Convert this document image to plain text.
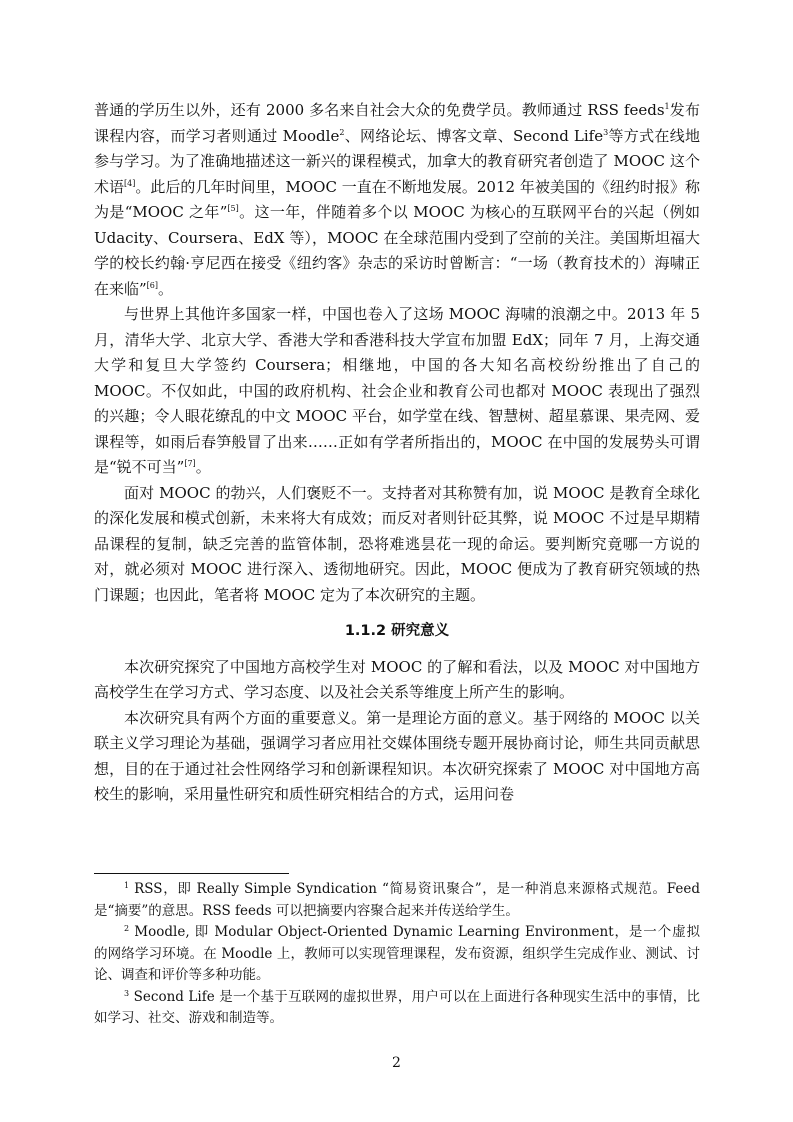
普通的学历生以外，还有 2000 多名来自社会大众的免费学员。教师通过 RSS feeds$^1$发布课程内容，而学习者则通过 Moodle$^2$、网络论坛、博客文章、Second Life$^3$等方式在线地参与学习。为了准确地描述这一新兴的课程模式，加拿大的教育研究者创造了 MOOC 这个术语[4]。此后的几年时间里，MOOC 一直在不断地发展。2012 年被美国的《纽约时报》称为是“MOOC 之年”[5]。这一年，伴随着多个以 MOOC 为核心的互联网平台的兴起（例如 Udacity、Coursera、EdX 等），MOOC 在全球范围内受到了空前的关注。美国斯坦福大学的校长约翰·亨尼西在接受《纽约客》杂志的采访时曾断言：“一场（教育技术的）海啸正在来临”[6]。

与世界上其他许多国家一样，中国也卷入了这场 MOOC 海啸的浪潮之中。2013 年 5 月，清华大学、北京大学、香港大学和香港科技大学宣布加盟 EdX；同年 7 月，上海交通大学和复旦大学签约 Coursera；相继地，中国的各大知名高校纷纷推出了自己的 MOOC。不仅如此，中国的政府机构、社会企业和教育公司也都对 MOOC 表现出了强烈的兴趣；令人眼花缭乱的中文 MOOC 平台，如学堂在线、智慧树、超星慕课、果壳网、爱课程等，如雨后春笋般冒了出来……正如有学者所指出的，MOOC 在中国的发展势头可谓是“锐不可当”[7]。

面对 MOOC 的勃兴，人们褒贬不一。支持者对其称赞有加，说 MOOC 是教育全球化的深化发展和模式创新，未来将大有成效；而反对者则针砭其弊，说 MOOC 不过是早期精品课程的复制，缺乏完善的监管体制，恐将难逃昙花一现的命运。要判断究竟哪一方说的对，就必须对 MOOC 进行深入、透彻地研究。因此，MOOC 便成为了教育研究领域的热门课题；也因此，笔者将 MOOC 定为了本次研究的主题。

1.1.2 研究意义

本次研究探究了中国地方高校学生对 MOOC 的了解和看法，以及 MOOC 对中国地方高校学生在学习方式、学习态度、以及社会关系等维度上所产生的影响。

本次研究具有两个方面的重要意义。第一是理论方面的意义。基于网络的 MOOC 以关联主义学习理论为基础，强调学习者应用社交媒体围绕专题开展协商讨论，师生共同贡献思想，目的在于通过社会性网络学习和创新课程知识。本次研究探索了 MOOC 对中国地方高校生的影响，采用量性研究和质性研究相结合的方式，运用问卷

$^1$ RSS，即 Really Simple Syndication “简易资讯聚合”，是一种消息来源格式规范。Feed 是“摘要”的意思。RSS feeds 可以把摘要内容聚合起来并传送给学生。

$^2$ Moodle, 即 Modular Object-Oriented Dynamic Learning Environment，是一个虚拟的网络学习环境。在 Moodle 上，教师可以实现管理课程，发布资源，组织学生完成作业、测试、讨论、调查和评价等多种功能。

$^3$ Second Life 是一个基于互联网的虚拟世界，用户可以在上面进行各种现实生活中的事情，比如学习、社交、游戏和制造等。

2
